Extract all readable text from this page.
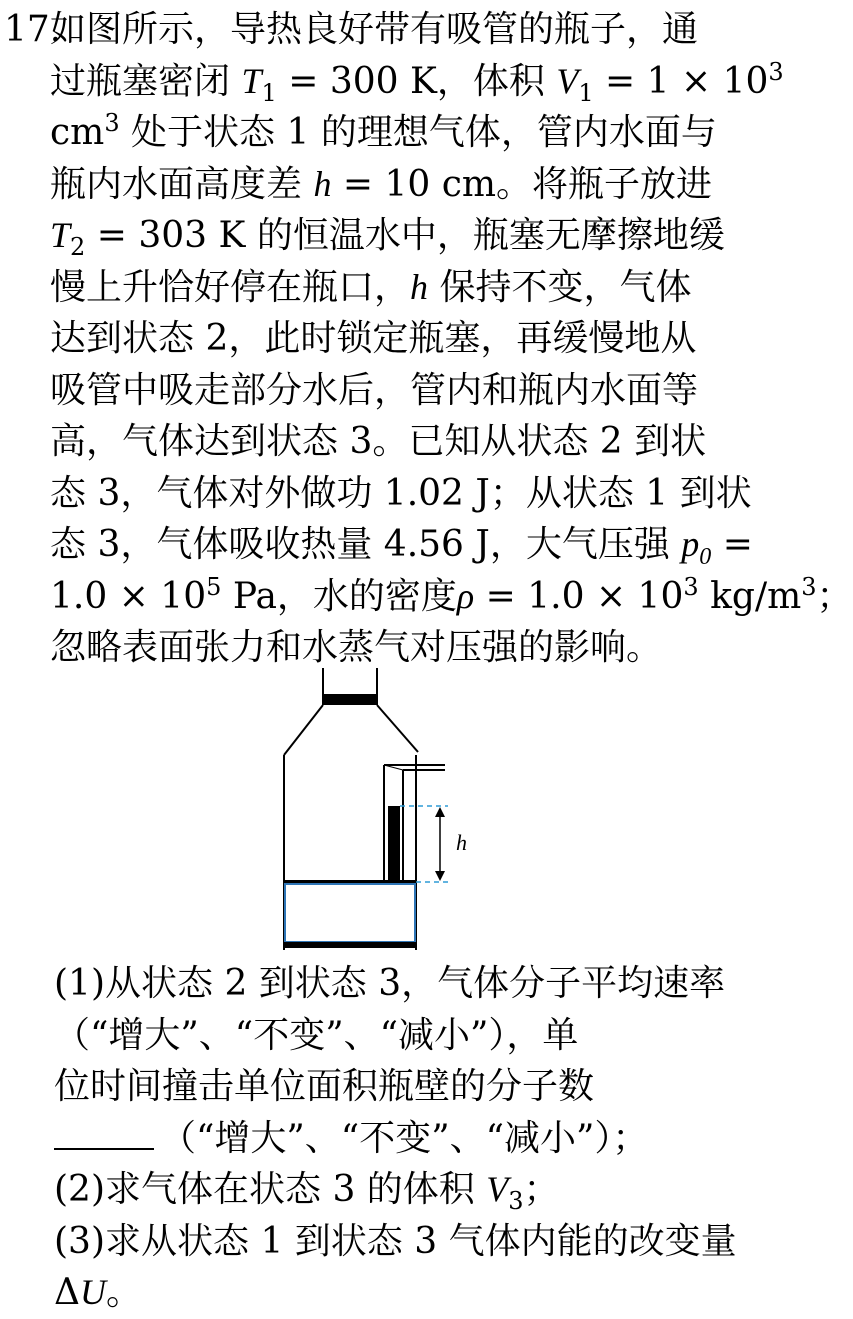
17.
如图所示，导热良好带有吸管的瓶子，通
过瓶塞密闭 $T_1 = 300$ K，体积 $V_1 = 1 \times 10^3$
$cm^3$ 处于状态 1 的理想气体，管内水面与
瓶内水面高度差 h = 10 cm。将瓶子放进
$T_2 = 303$ K 的恒温水中，瓶塞无摩擦地缓
慢上升恰好停在瓶口，h 保持不变，气体
达到状态 2，此时锁定瓶塞，再缓慢地从
吸管中吸走部分水后，管内和瓶内水面等
高，气体达到状态 3。已知从状态 2 到状
态 3，气体对外做功 1.02 J；从状态 1 到状
态 3，气体吸收热量 4.56 J，大气压强 $p_0$ =
$1.0 \times 10^5$ Pa，水的密度$\rho = 1.0 \times 10^3$ $kg/m^3$；
忽略表面张力和水蒸气对压强的影响。
h
(1)从状态 2 到状态 3，气体分子平均速率
（“增大”、“不变”、“减小”），单
位时间撞击单位面积瓶壁的分子数
（“增大”、“不变”、“减小”）；
(2)求气体在状态 3 的体积 $V_3$；
(3)求从状态 1 到状态 3 气体内能的改变量
ΔU。
